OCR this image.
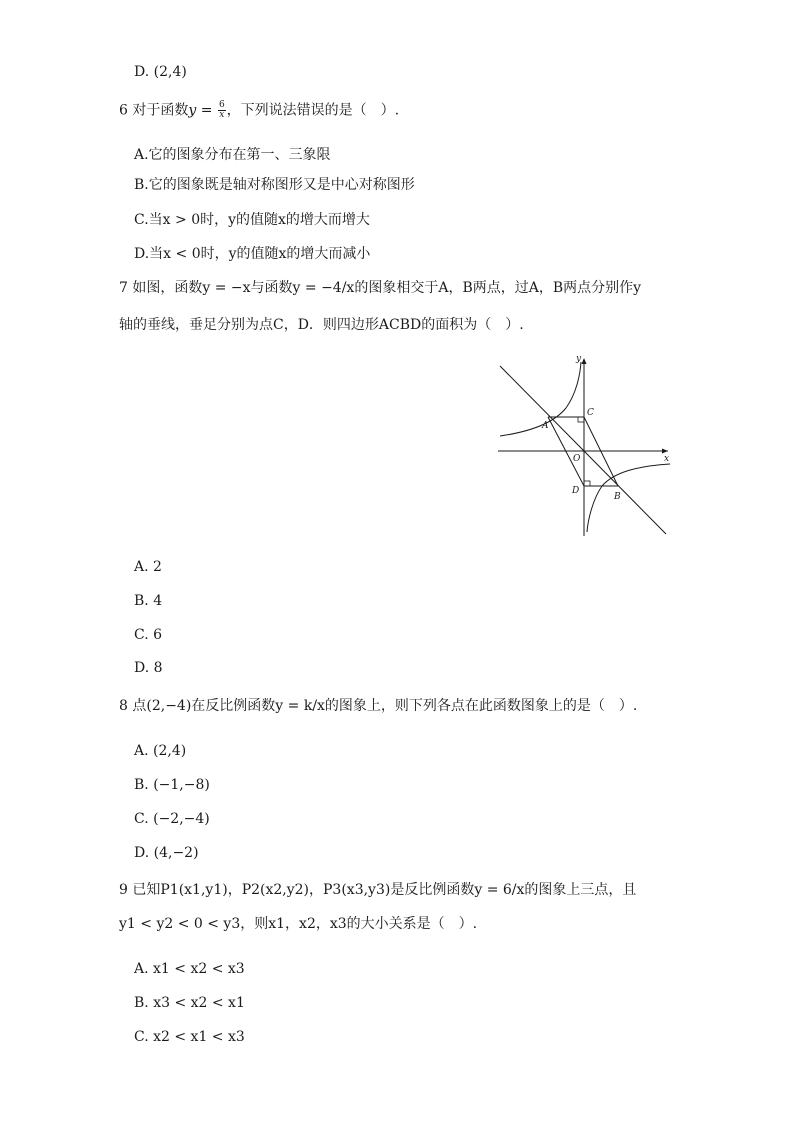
D. (2,4)
6 对于函数$y = \frac{6}{x}$ ，下列说法错误的是（　）.
A.它的图象分布在第一、三象限
B.它的图象既是轴对称图形又是中心对称图形
C.当x > 0时，y的值随x的增大而增大
D.当x < 0时，y的值随x的增大而减小
7 如图，函数y = −x与函数y = −4/x的图象相交于A，B两点，过A，B两点分别作y
轴的垂线，垂足分别为点C，D．则四边形ACBD的面积为（　）.
y
x
A
C
O
D
B
A. 2
B. 4
C. 6
D. 8
8 点(2,−4)在反比例函数y = k/x的图象上，则下列各点在此函数图象上的是（　）.
A. (2,4)
B. (−1,−8)
C. (−2,−4)
D. (4,−2)
9 已知P1(x1,y1)，P2(x2,y2)，P3(x3,y3)是反比例函数y = 6/x的图象上三点，且
y1 < y2 < 0 < y3，则x1，x2，x3的大小关系是（　）.
A. x1 < x2 < x3
B. x3 < x2 < x1
C. x2 < x1 < x3
